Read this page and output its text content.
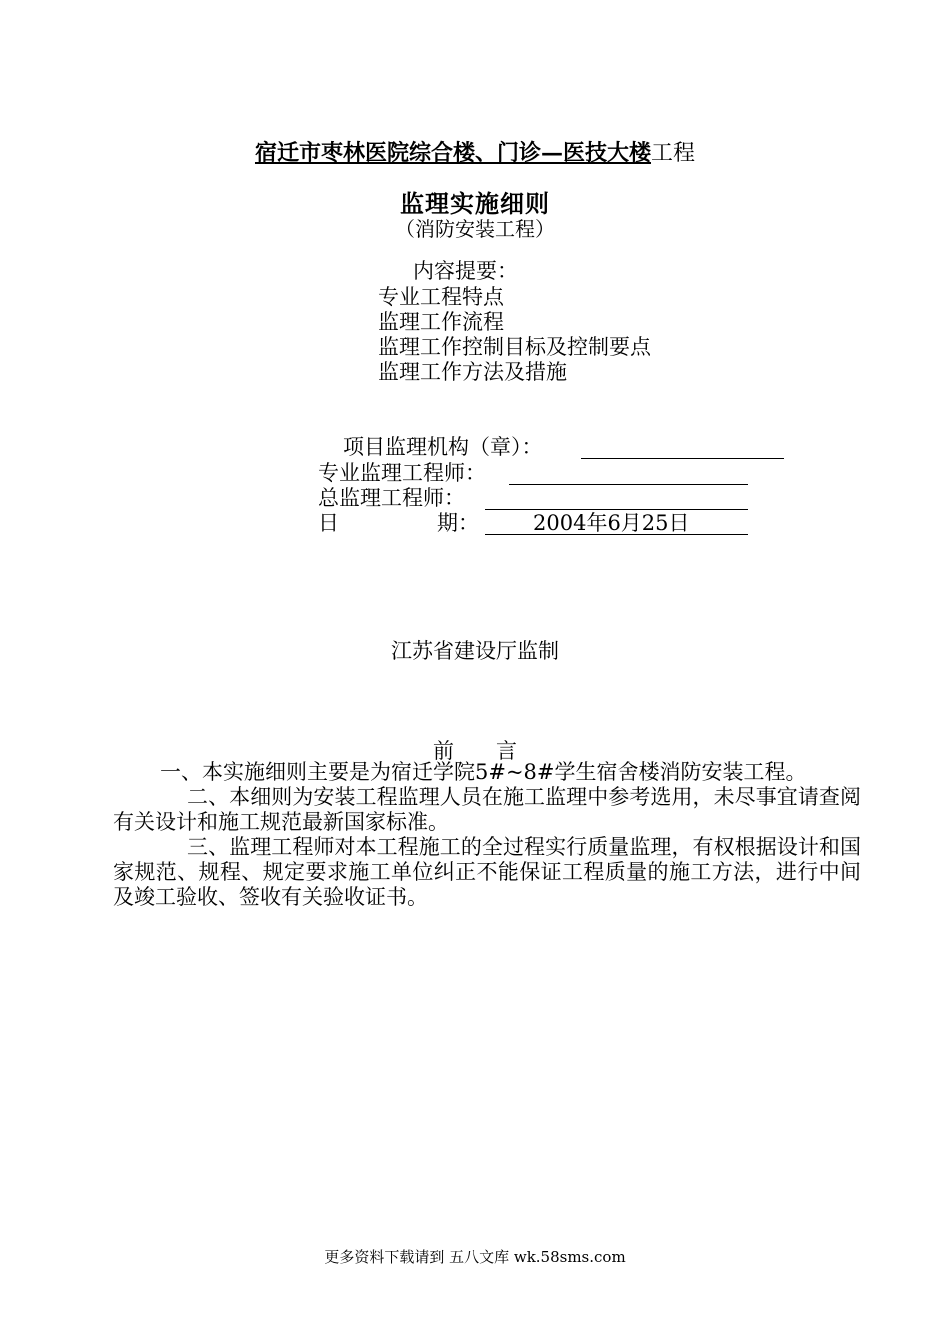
宿迁市枣林医院综合楼、门诊—医技大楼工程
监理实施细则
（消防安装工程）
内容提要：
专业工程特点
监理工作流程
监理工作控制目标及控制要点
监理工作方法及措施
项目监理机构（章）：
专业监理工程师：
总监理工程师：
日	期：	2004年6月25日
江苏省建设厅监制
前　　言
一、本实施细则主要是为宿迁学院5#~8#学生宿舍楼消防安装工程。
二、本细则为安装工程监理人员在施工监理中参考选用，未尽事宜请查阅有关设计和施工规范最新国家标准。
三、监理工程师对本工程施工的全过程实行质量监理，有权根据设计和国家规范、规程、规定要求施工单位纠正不能保证工程质量的施工方法，进行中间及竣工验收、签收有关验收证书。
更多资料下载请到 五八文库 wk.58sms.com
